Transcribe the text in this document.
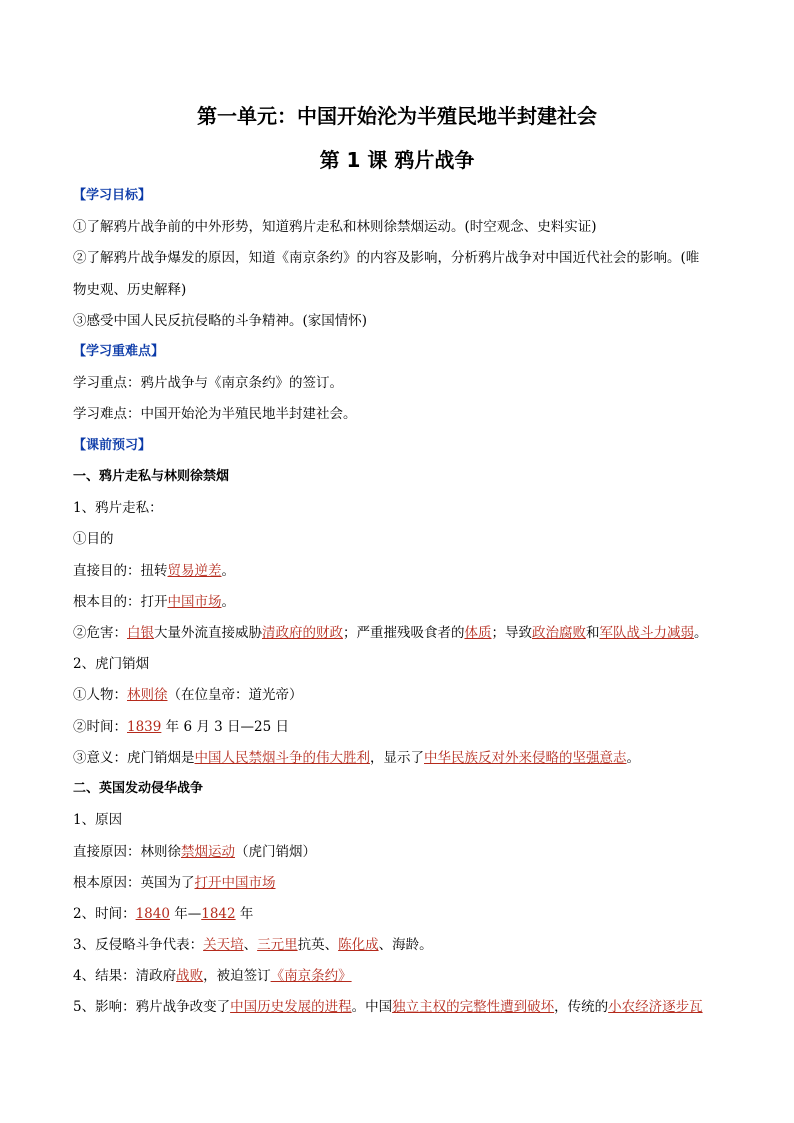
第一单元：中国开始沦为半殖民地半封建社会
第 1 课 鸦片战争
【学习目标】
①了解鸦片战争前的中外形势，知道鸦片走私和林则徐禁烟运动。(时空观念、史料实证)
②了解鸦片战争爆发的原因，知道《南京条约》的内容及影响，分析鸦片战争对中国近代社会的影响。(唯
物史观、历史解释)
③感受中国人民反抗侵略的斗争精神。(家国情怀)
【学习重难点】
学习重点：鸦片战争与《南京条约》的签订。
学习难点：中国开始沦为半殖民地半封建社会。
【课前预习】
一、鸦片走私与林则徐禁烟
1、鸦片走私：
①目的
直接目的：扭转贸易逆差。
根本目的：打开中国市场。
②危害：白银大量外流直接威胁清政府的财政；严重摧残吸食者的体质；导致政治腐败和军队战斗力减弱。
2、虎门销烟
①人物：林则徐（在位皇帝：道光帝）
②时间：1839 年 6 月 3 日—25 日
③意义：虎门销烟是中国人民禁烟斗争的伟大胜利，显示了中华民族反对外来侵略的坚强意志。
二、英国发动侵华战争
1、原因
直接原因：林则徐禁烟运动（虎门销烟）
根本原因：英国为了打开中国市场
2、时间：1840 年—1842 年
3、反侵略斗争代表：关天培、三元里抗英、陈化成、海龄。
4、结果：清政府战败，被迫签订《南京条约》
5、影响：鸦片战争改变了中国历史发展的进程。中国独立主权的完整性遭到破坏，传统的小农经济逐步瓦
